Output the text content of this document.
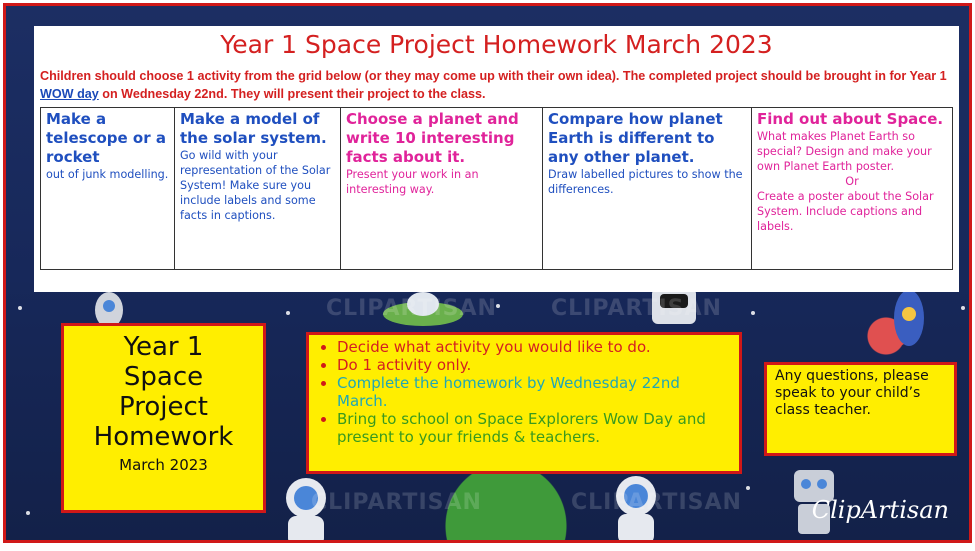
CLIPARTISAN CLIPARTISAN
CLIPARTISAN	CLIPARTISAN
Year 1 Space Project Homework March 2023

Children should choose 1 activity from the grid below (or they may come up with their own idea). The completed project should be brought in for Year 1 WOW day on Wednesday 22nd. They will present their project to the class.

Make a telescope or a rocket
out of junk modelling.
Make a model of the solar system.
Go wild with your representation of the Solar System! Make sure you include labels and some facts in captions.
Choose a planet and write 10 interesting facts about it.
Present your work in an interesting way.
Compare how planet Earth is different to any other planet.
Draw labelled pictures to show the differences.
Find out about Space.
What makes Planet Earth so special? Design and make your own Planet Earth poster.
Or
Create a poster about the Solar System. Include captions and labels.
Year 1
Space
Project
Homework
March 2023
• Decide what activity you would like to do.
• Do 1 activity only.
• Complete the homework by Wednesday 22nd March.
• Bring to school on Space Explorers Wow Day and present to your friends & teachers.
Any questions, please speak to your child’s class teacher.
ClipArtisan
